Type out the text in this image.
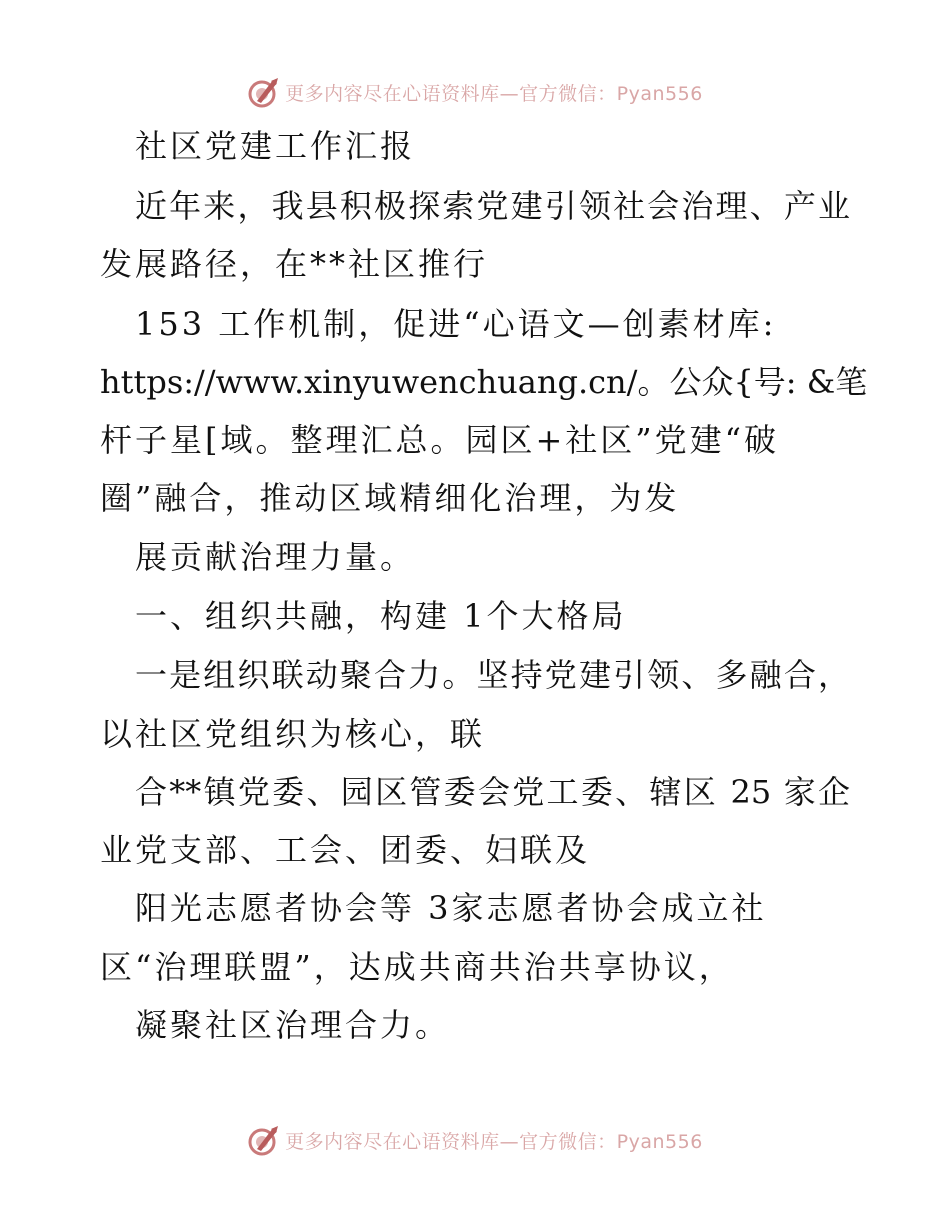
更多内容尽在心语资料库—官方微信：Pyan556
社区党建工作汇报
近年来，我县积极探索党建引领社会治理、产业
发展路径，在**社区推行
153 工作机制，促进“心语文—创素材库:
https://www.xinyuwenchuang.cn/。公众{号: &笔
杆子星[域。整理汇总。园区+社区”党建“破
圈”融合，推动区域精细化治理，为发
展贡献治理力量。
一、组织共融，构建 1个大格局
一是组织联动聚合力。坚持党建引领、多融合，
以社区党组织为核心，联
合**镇党委、园区管委会党工委、辖区 25 家企
业党支部、工会、团委、妇联及
阳光志愿者协会等 3家志愿者协会成立社
区“治理联盟”，达成共商共治共享协议，
凝聚社区治理合力。
更多内容尽在心语资料库—官方微信：Pyan556
